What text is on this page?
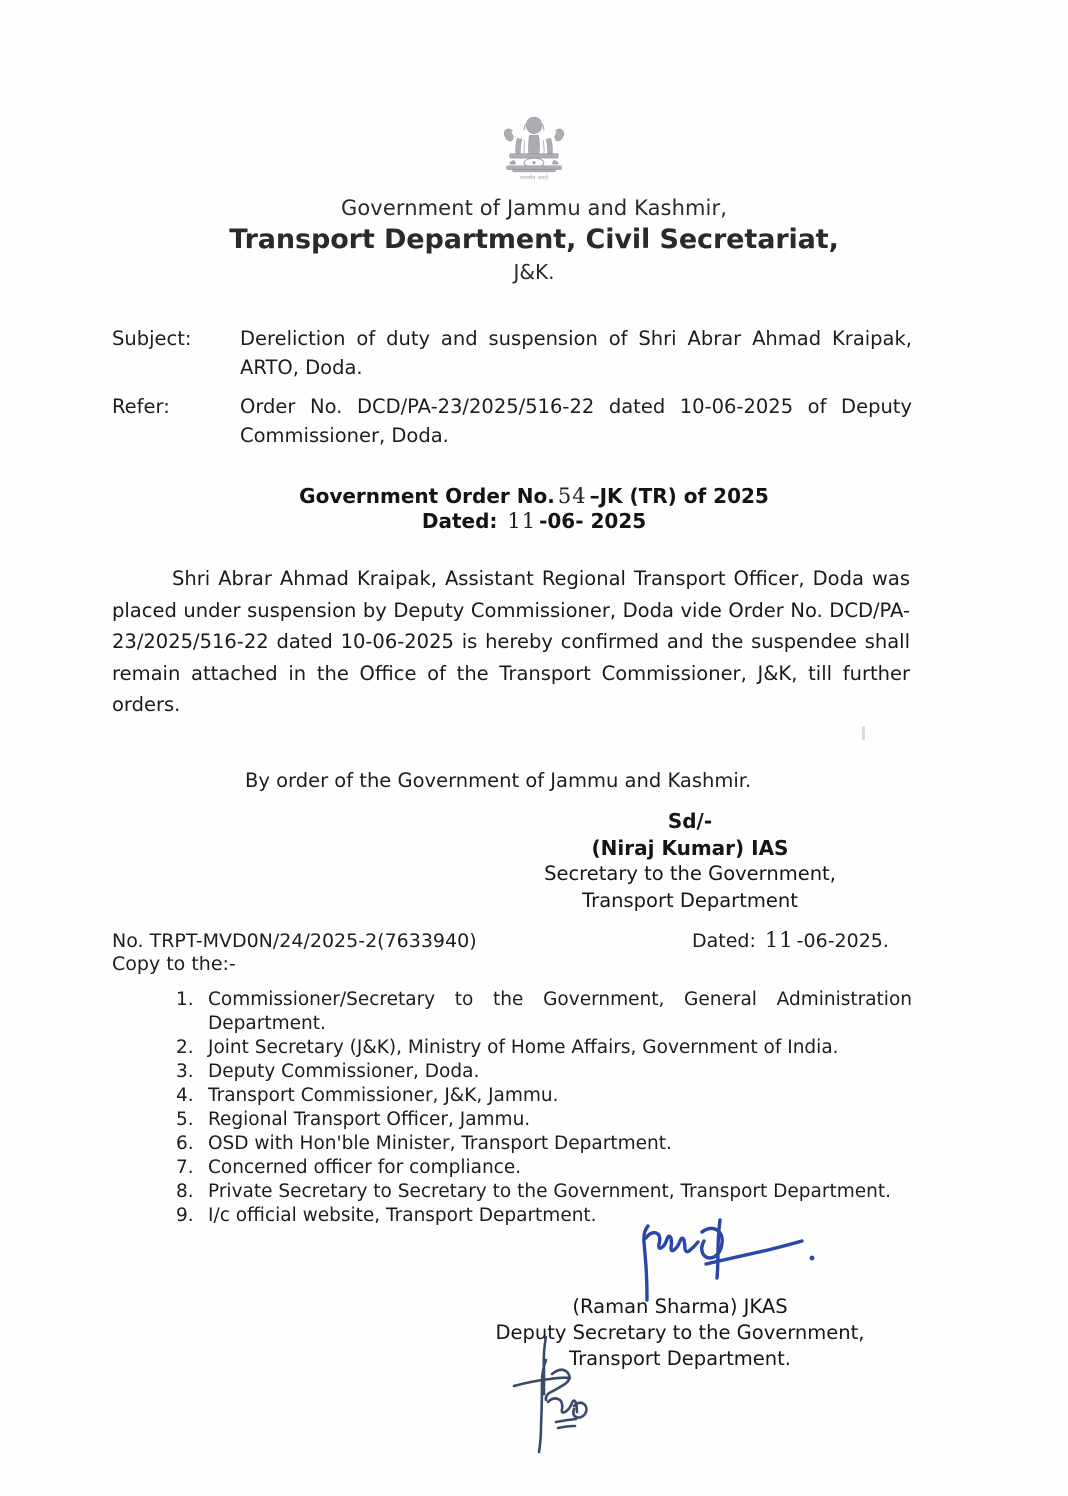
सत्यमेव जयते
Government of Jammu and Kashmir,
Transport Department, Civil Secretariat,
J&K.
Subject:	Dereliction of duty and suspension of Shri Abrar Ahmad Kraipak, ARTO, Doda.
Refer:	Order No. DCD/PA-23/2025/516-22 dated 10-06-2025 of Deputy Commissioner, Doda.
Government Order No. 54 –JK (TR) of 2025
Dated: 11 -06- 2025
Shri Abrar Ahmad Kraipak, Assistant Regional Transport Officer, Doda was placed under suspension by Deputy Commissioner, Doda vide Order No. DCD/PA-23/2025/516-22 dated 10-06-2025 is hereby confirmed and the suspendee shall remain attached in the Office of the Transport Commissioner, J&K, till further orders.
By order of the Government of Jammu and Kashmir.
Sd/-
(Niraj Kumar) IAS
Secretary to the Government,
Transport Department
No. TRPT-MVD0N/24/2025-2(7633940)	Dated: 11 -06-2025.
Copy to the:-
1. Commissioner/Secretary to the Government, General Administration Department.
2. Joint Secretary (J&K), Ministry of Home Affairs, Government of India.
3. Deputy Commissioner, Doda.
4. Transport Commissioner, J&K, Jammu.
5. Regional Transport Officer, Jammu.
6. OSD with Hon'ble Minister, Transport Department.
7. Concerned officer for compliance.
8. Private Secretary to Secretary to the Government, Transport Department.
9. I/c official website, Transport Department.
(Raman Sharma) JKAS
Deputy Secretary to the Government,
Transport Department.
